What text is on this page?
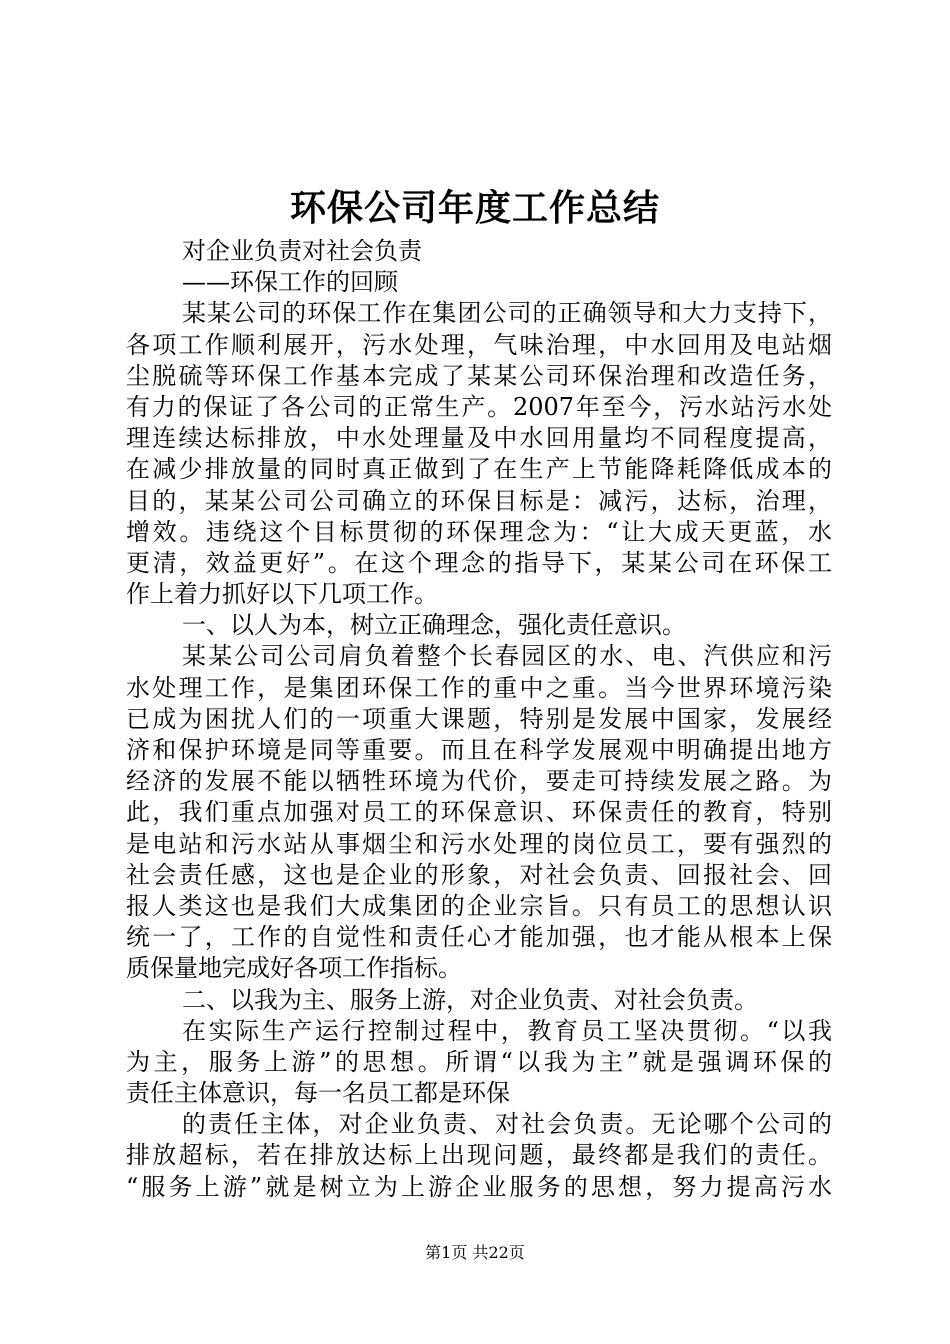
环保公司年度工作总结
对企业负责对社会负责
——环保工作的回顾
某某公司的环保工作在集团公司的正确领导和大力支持下，
各项工作顺利展开，污水处理，气味治理，中水回用及电站烟
尘脱硫等环保工作基本完成了某某公司环保治理和改造任务，
有力的保证了各公司的正常生产。2007年至今，污水站污水处
理连续达标排放，中水处理量及中水回用量均不同程度提高，
在减少排放量的同时真正做到了在生产上节能降耗降低成本的
目的，某某公司公司确立的环保目标是：减污，达标，治理，
增效。违绕这个目标贯彻的环保理念为：“让大成天更蓝，水
更清，效益更好”。在这个理念的指导下，某某公司在环保工
作上着力抓好以下几项工作。
一、以人为本，树立正确理念，强化责任意识。
某某公司公司肩负着整个长春园区的水、电、汽供应和污
水处理工作，是集团环保工作的重中之重。当今世界环境污染
已成为困扰人们的一项重大课题，特别是发展中国家，发展经
济和保护环境是同等重要。而且在科学发展观中明确提出地方
经济的发展不能以牺牲环境为代价，要走可持续发展之路。为
此，我们重点加强对员工的环保意识、环保责任的教育，特别
是电站和污水站从事烟尘和污水处理的岗位员工，要有强烈的
社会责任感，这也是企业的形象，对社会负责、回报社会、回
报人类这也是我们大成集团的企业宗旨。只有员工的思想认识
统一了，工作的自觉性和责任心才能加强，也才能从根本上保
质保量地完成好各项工作指标。
二、以我为主、服务上游，对企业负责、对社会负责。
在实际生产运行控制过程中，教育员工坚决贯彻。“以我
为主，服务上游”的思想。所谓“以我为主”就是强调环保的
责任主体意识，每一名员工都是环保
的责任主体，对企业负责、对社会负责。无论哪个公司的
排放超标，若在排放达标上出现问题，最终都是我们的责任。
“服务上游”就是树立为上游企业服务的思想，努力提高污水
第1页 共22页
